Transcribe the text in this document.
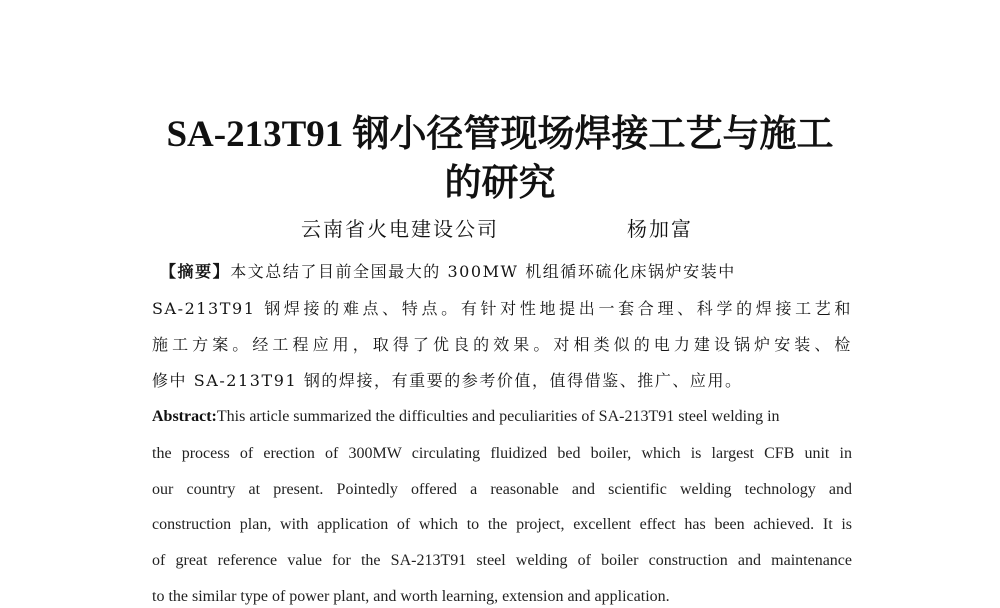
SA-213T91 钢小径管现场焊接工艺与施工
的研究
云南省火电建设公司	杨加富
【摘要】本文总结了目前全国最大的 300MW 机组循环硫化床锅炉安装中
SA-213T91 钢焊接的难点、特点。有针对性地提出一套合理、科学的焊接工艺和
施工方案。经工程应用，取得了优良的效果。对相类似的电力建设锅炉安装、检
修中 SA-213T91 钢的焊接，有重要的参考价值，值得借鉴、推广、应用。
Abstract:This article summarized the difficulties and peculiarities of SA-213T91 steel welding in
the process of erection of 300MW circulating fluidized bed boiler, which is largest CFB unit in
our country at present. Pointedly offered a reasonable and scientific welding technology and
construction plan, with application of which to the project, excellent effect has been achieved. It is
of great reference value for the SA-213T91 steel welding of boiler construction and maintenance
to the similar type of power plant, and worth learning, extension and application.
